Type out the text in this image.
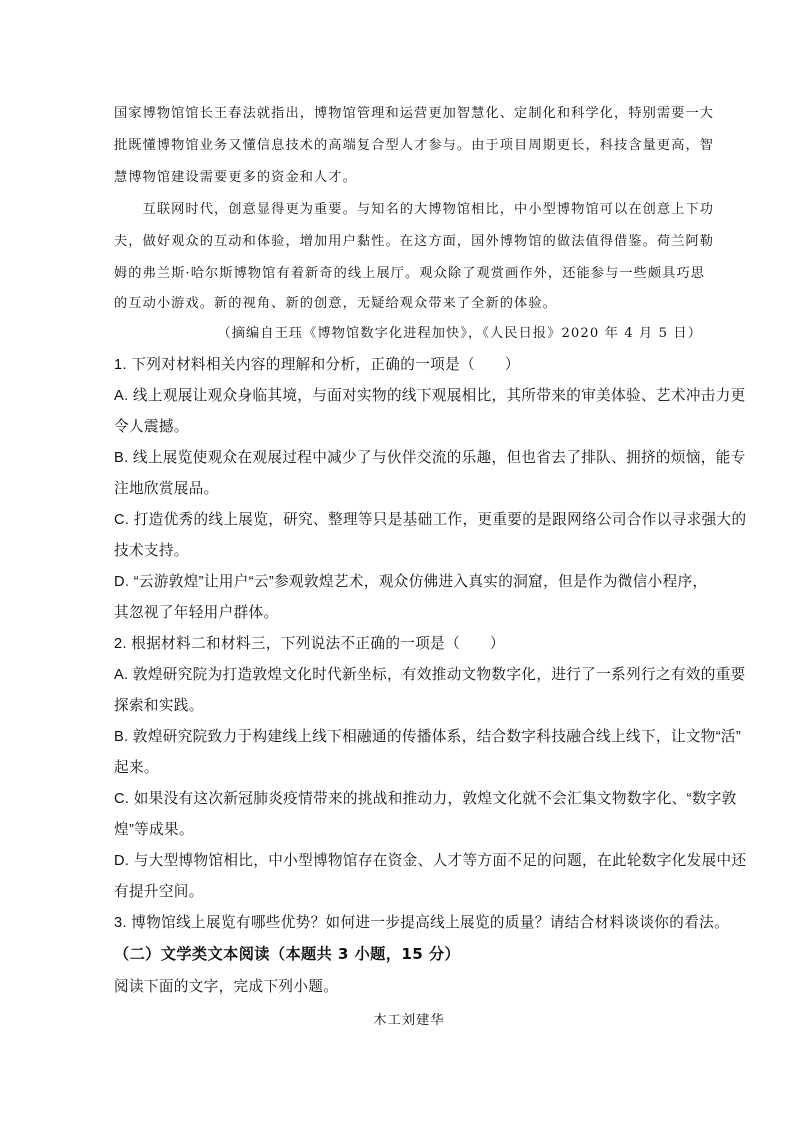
国家博物馆馆长王春法就指出，博物馆管理和运营更加智慧化、定制化和科学化，特别需要一大

批既懂博物馆业务又懂信息技术的高端复合型人才参与。由于项目周期更长，科技含量更高，智

慧博物馆建设需要更多的资金和人才。

　　互联网时代，创意显得更为重要。与知名的大博物馆相比，中小型博物馆可以在创意上下功

夫，做好观众的互动和体验，增加用户黏性。在这方面，国外博物馆的做法值得借鉴。荷兰阿勒

姆的弗兰斯·哈尔斯博物馆有着新奇的线上展厅。观众除了观赏画作外，还能参与一些颇具巧思

的互动小游戏。新的视角、新的创意，无疑给观众带来了全新的体验。

（摘编自王珏《博物馆数字化进程加快》，《人民日报》2020 年 4 月 5 日）

1. 下列对材料相关内容的理解和分析，正确的一项是（　　）

A. 线上观展让观众身临其境，与面对实物的线下观展相比，其所带来的审美体验、艺术冲击力更

令人震撼。

B. 线上展览使观众在观展过程中减少了与伙伴交流的乐趣，但也省去了排队、拥挤的烦恼，能专

注地欣赏展品。

C. 打造优秀的线上展览，研究、整理等只是基础工作，更重要的是跟网络公司合作以寻求强大的

技术支持。

D. “云游敦煌”让用户“云”参观敦煌艺术，观众仿佛进入真实的洞窟，但是作为微信小程序，

其忽视了年轻用户群体。

2. 根据材料二和材料三，下列说法不正确的一项是（　　）

A. 敦煌研究院为打造敦煌文化时代新坐标，有效推动文物数字化，进行了一系列行之有效的重要

探索和实践。

B. 敦煌研究院致力于构建线上线下相融通的传播体系，结合数字科技融合线上线下，让文物“活”

起来。

C. 如果没有这次新冠肺炎疫情带来的挑战和推动力，敦煌文化就不会汇集文物数字化、“数字敦

煌”等成果。

D. 与大型博物馆相比，中小型博物馆存在资金、人才等方面不足的问题，在此轮数字化发展中还

有提升空间。

3. 博物馆线上展览有哪些优势？如何进一步提高线上展览的质量？请结合材料谈谈你的看法。

（二）文学类文本阅读（本题共 3 小题，15 分）

阅读下面的文字，完成下列小题。

木工刘建华
